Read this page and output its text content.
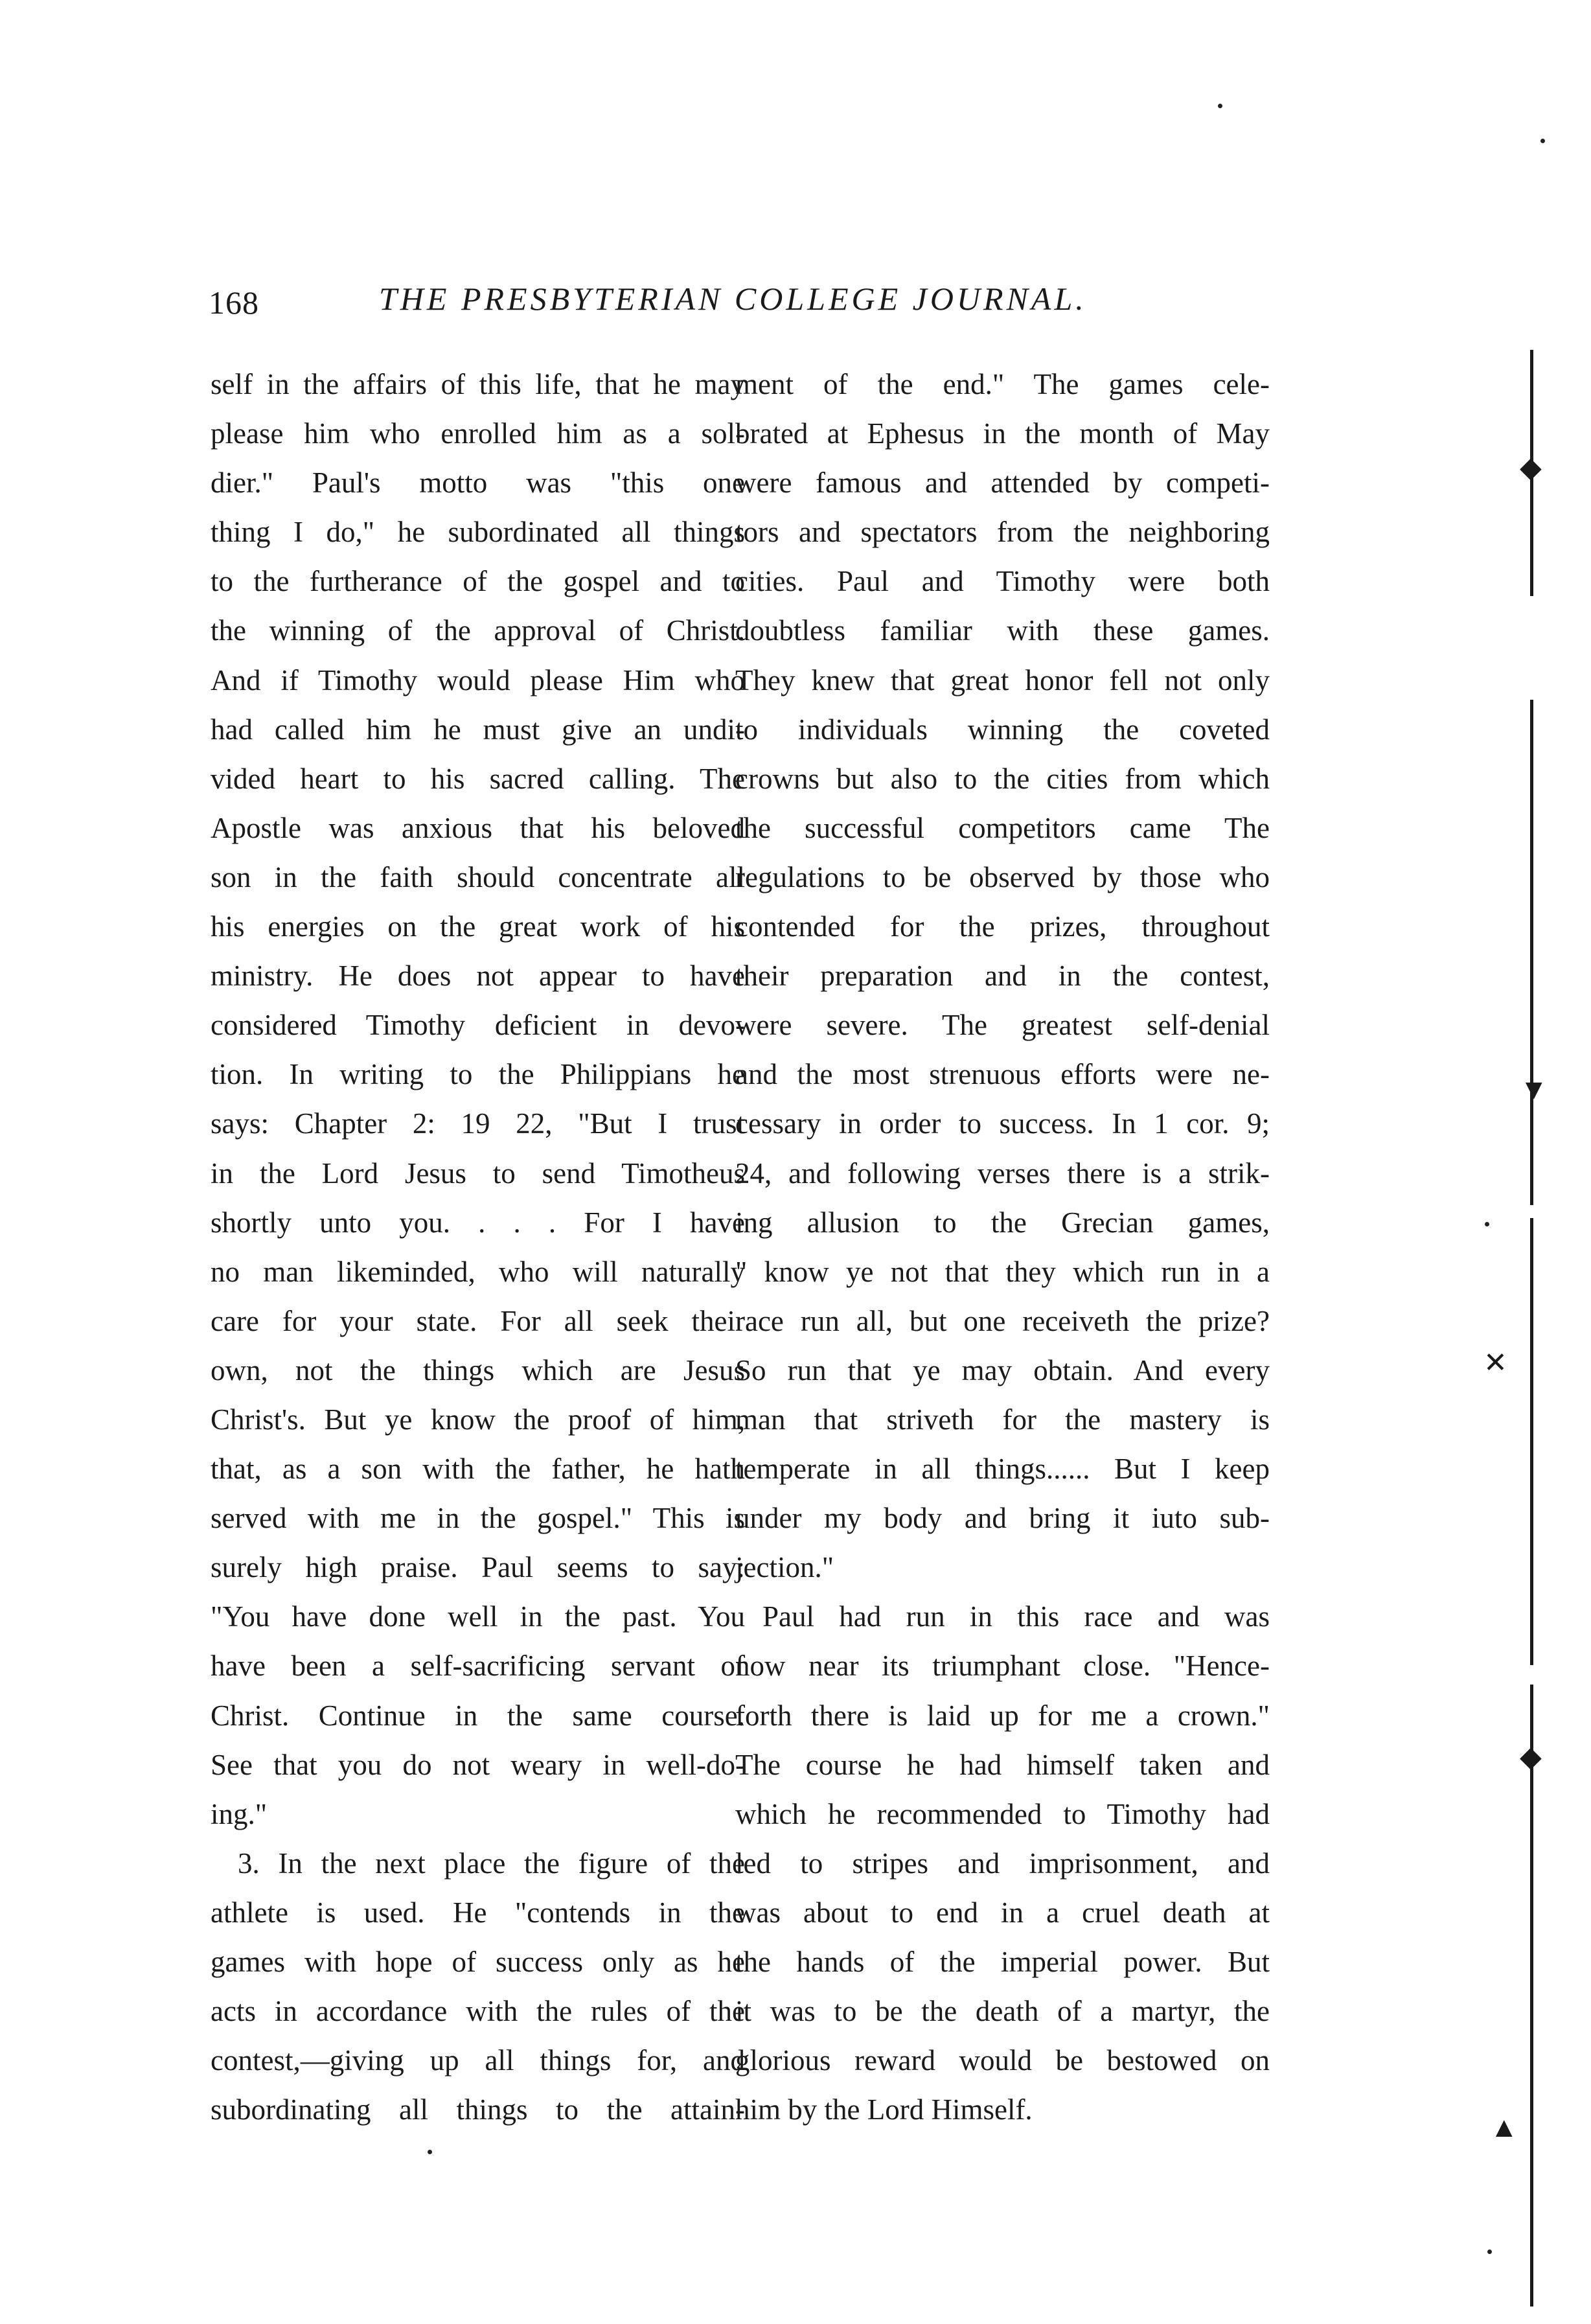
168	THE PRESBYTERIAN COLLEGE JOURNAL.
self in the affairs of this life, that he may
please him who enrolled him as a sol-
dier." Paul's motto was "this one
thing I do," he subordinated all things
to the furtherance of the gospel and to
the winning of the approval of Christ.
And if Timothy would please Him who
had called him he must give an undi-
vided heart to his sacred calling. The
Apostle was anxious that his beloved
son in the faith should concentrate all
his energies on the great work of his
ministry. He does not appear to have
considered Timothy deficient in devo-
tion. In writing to the Philippians he
says: Chapter 2: 19 22, "But I trust
in the Lord Jesus to send Timotheus
shortly unto you. . . . For I have
no man likeminded, who will naturally
care for your state. For all seek their
own, not the things which are Jesus
Christ's. But ye know the proof of him,
that, as a son with the father, he hath
served with me in the gospel." This is
surely high praise. Paul seems to say:
"You have done well in the past. You
have been a self-sacrificing servant of
Christ. Continue in the same course.
See that you do not weary in well-do-
ing."
3. In the next place the figure of the
athlete is used. He "contends in the
games with hope of success only as he
acts in accordance with the rules of the
contest,—giving up all things for, and
subordinating all things to the attain-
ment of the end." The games cele-
brated at Ephesus in the month of May
were famous and attended by competi-
tors and spectators from the neighboring
cities. Paul and Timothy were both
doubtless familiar with these games.
They knew that great honor fell not only
to individuals winning the coveted
crowns but also to the cities from which
the successful competitors came The
regulations to be observed by those who
contended for the prizes, throughout
their preparation and in the contest,
were severe. The greatest self-denial
and the most strenuous efforts were ne-
cessary in order to success. In 1 cor. 9;
24, and following verses there is a strik-
ing allusion to the Grecian games,
" know ye not that they which run in a
race run all, but one receiveth the prize?
So run that ye may obtain. And every
man that striveth for the mastery is
temperate in all things...... But I keep
under my body and bring it iuto sub-
jection."
Paul had run in this race and was
now near its triumphant close. "Hence-
forth there is laid up for me a crown."
The course he had himself taken and
which he recommended to Timothy had
led to stripes and imprisonment, and
was about to end in a cruel death at
the hands of the imperial power. But
it was to be the death of a martyr, the
glorious reward would be bestowed on
him by the Lord Himself.
◆
▼
◆
▲
✕
